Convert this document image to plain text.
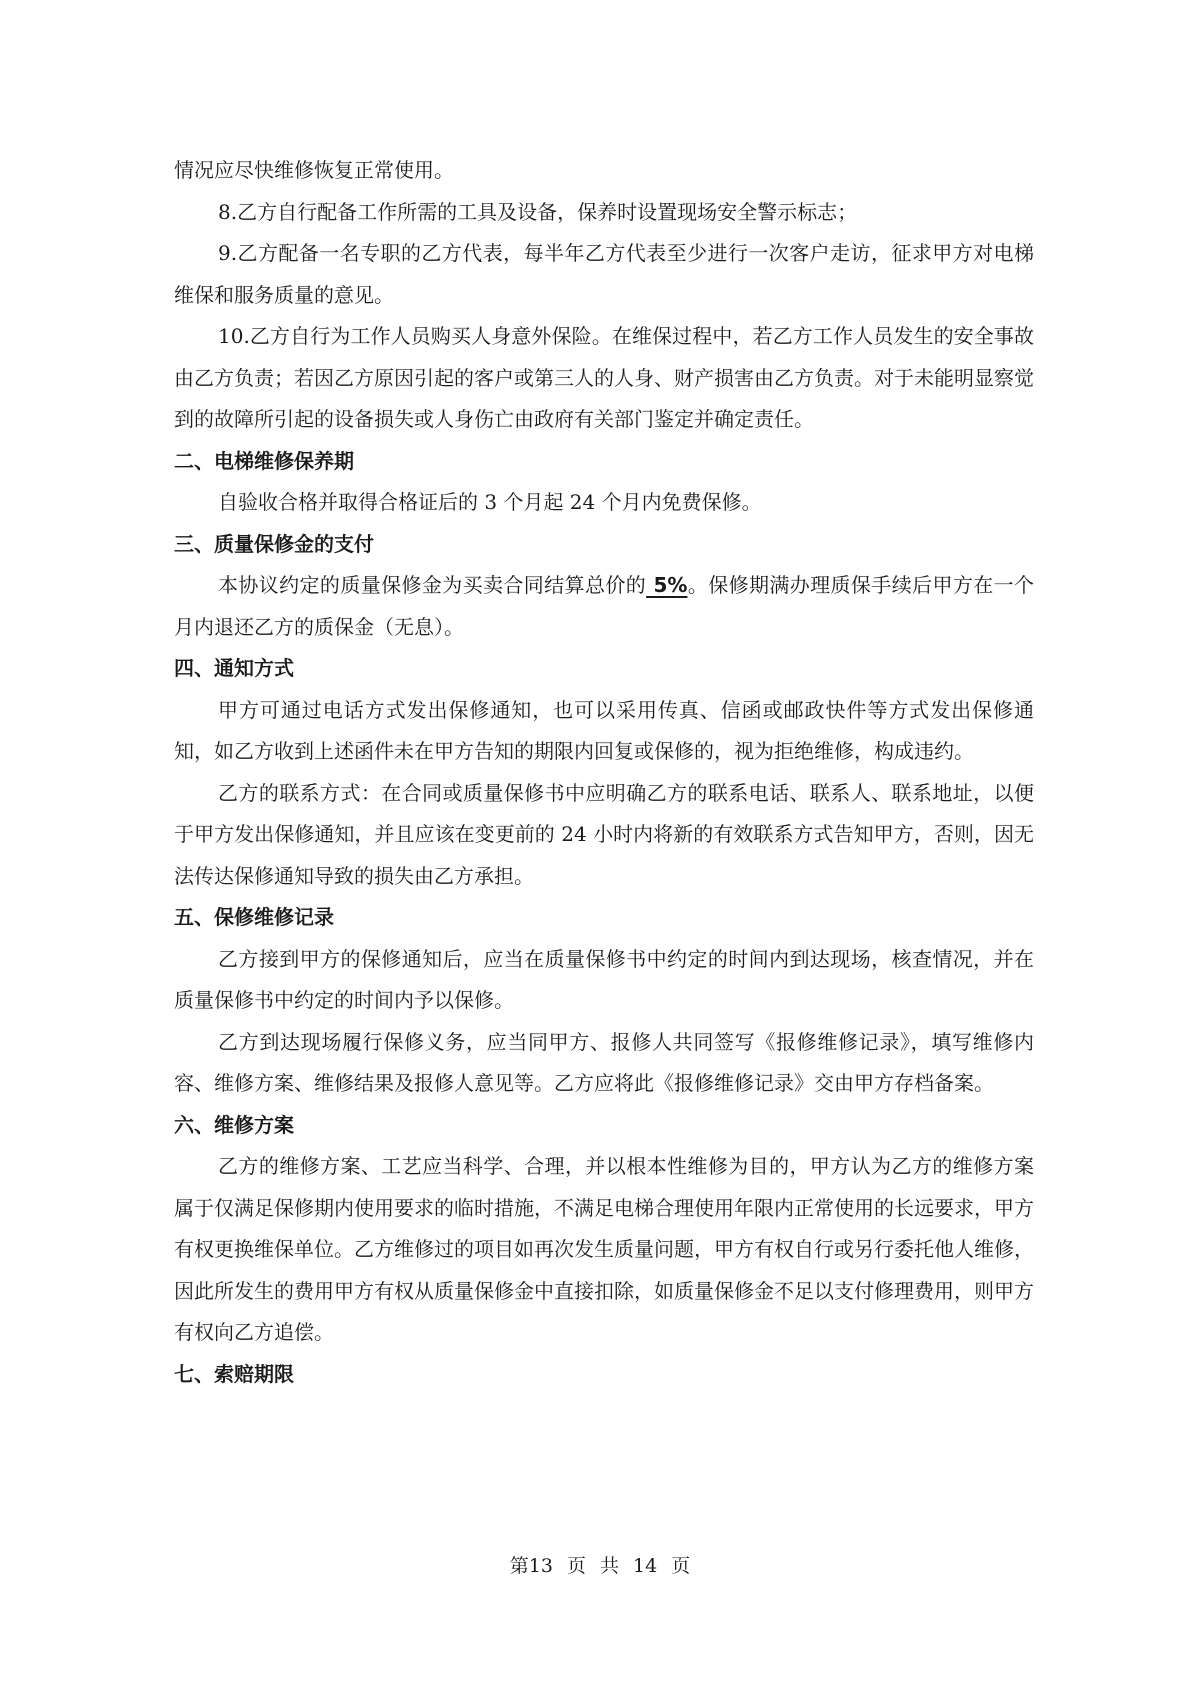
情况应尽快维修恢复正常使用。

8.乙方自行配备工作所需的工具及设备，保养时设置现场安全警示标志；

9.乙方配备一名专职的乙方代表，每半年乙方代表至少进行一次客户走访，征求甲方对电梯维保和服务质量的意见。

10.乙方自行为工作人员购买人身意外保险。在维保过程中，若乙方工作人员发生的安全事故由乙方负责；若因乙方原因引起的客户或第三人的人身、财产损害由乙方负责。对于未能明显察觉到的故障所引起的设备损失或人身伤亡由政府有关部门鉴定并确定责任。

二、电梯维修保养期

自验收合格并取得合格证后的 3 个月起 24 个月内免费保修。

三、质量保修金的支付

本协议约定的质量保修金为买卖合同结算总价的 5%。保修期满办理质保手续后甲方在一个月内退还乙方的质保金（无息）。

四、通知方式

甲方可通过电话方式发出保修通知，也可以采用传真、信函或邮政快件等方式发出保修通知，如乙方收到上述函件未在甲方告知的期限内回复或保修的，视为拒绝维修，构成违约。

乙方的联系方式：在合同或质量保修书中应明确乙方的联系电话、联系人、联系地址，以便于甲方发出保修通知，并且应该在变更前的 24 小时内将新的有效联系方式告知甲方，否则，因无法传达保修通知导致的损失由乙方承担。

五、保修维修记录

乙方接到甲方的保修通知后，应当在质量保修书中约定的时间内到达现场，核查情况，并在质量保修书中约定的时间内予以保修。

乙方到达现场履行保修义务，应当同甲方、报修人共同签写《报修维修记录》，填写维修内容、维修方案、维修结果及报修人意见等。乙方应将此《报修维修记录》交由甲方存档备案。

六、维修方案

乙方的维修方案、工艺应当科学、合理，并以根本性维修为目的，甲方认为乙方的维修方案属于仅满足保修期内使用要求的临时措施，不满足电梯合理使用年限内正常使用的长远要求，甲方有权更换维保单位。乙方维修过的项目如再次发生质量问题，甲方有权自行或另行委托他人维修，因此所发生的费用甲方有权从质量保修金中直接扣除，如质量保修金不足以支付修理费用，则甲方有权向乙方追偿。

七、索赔期限
第13 页 共 14 页
